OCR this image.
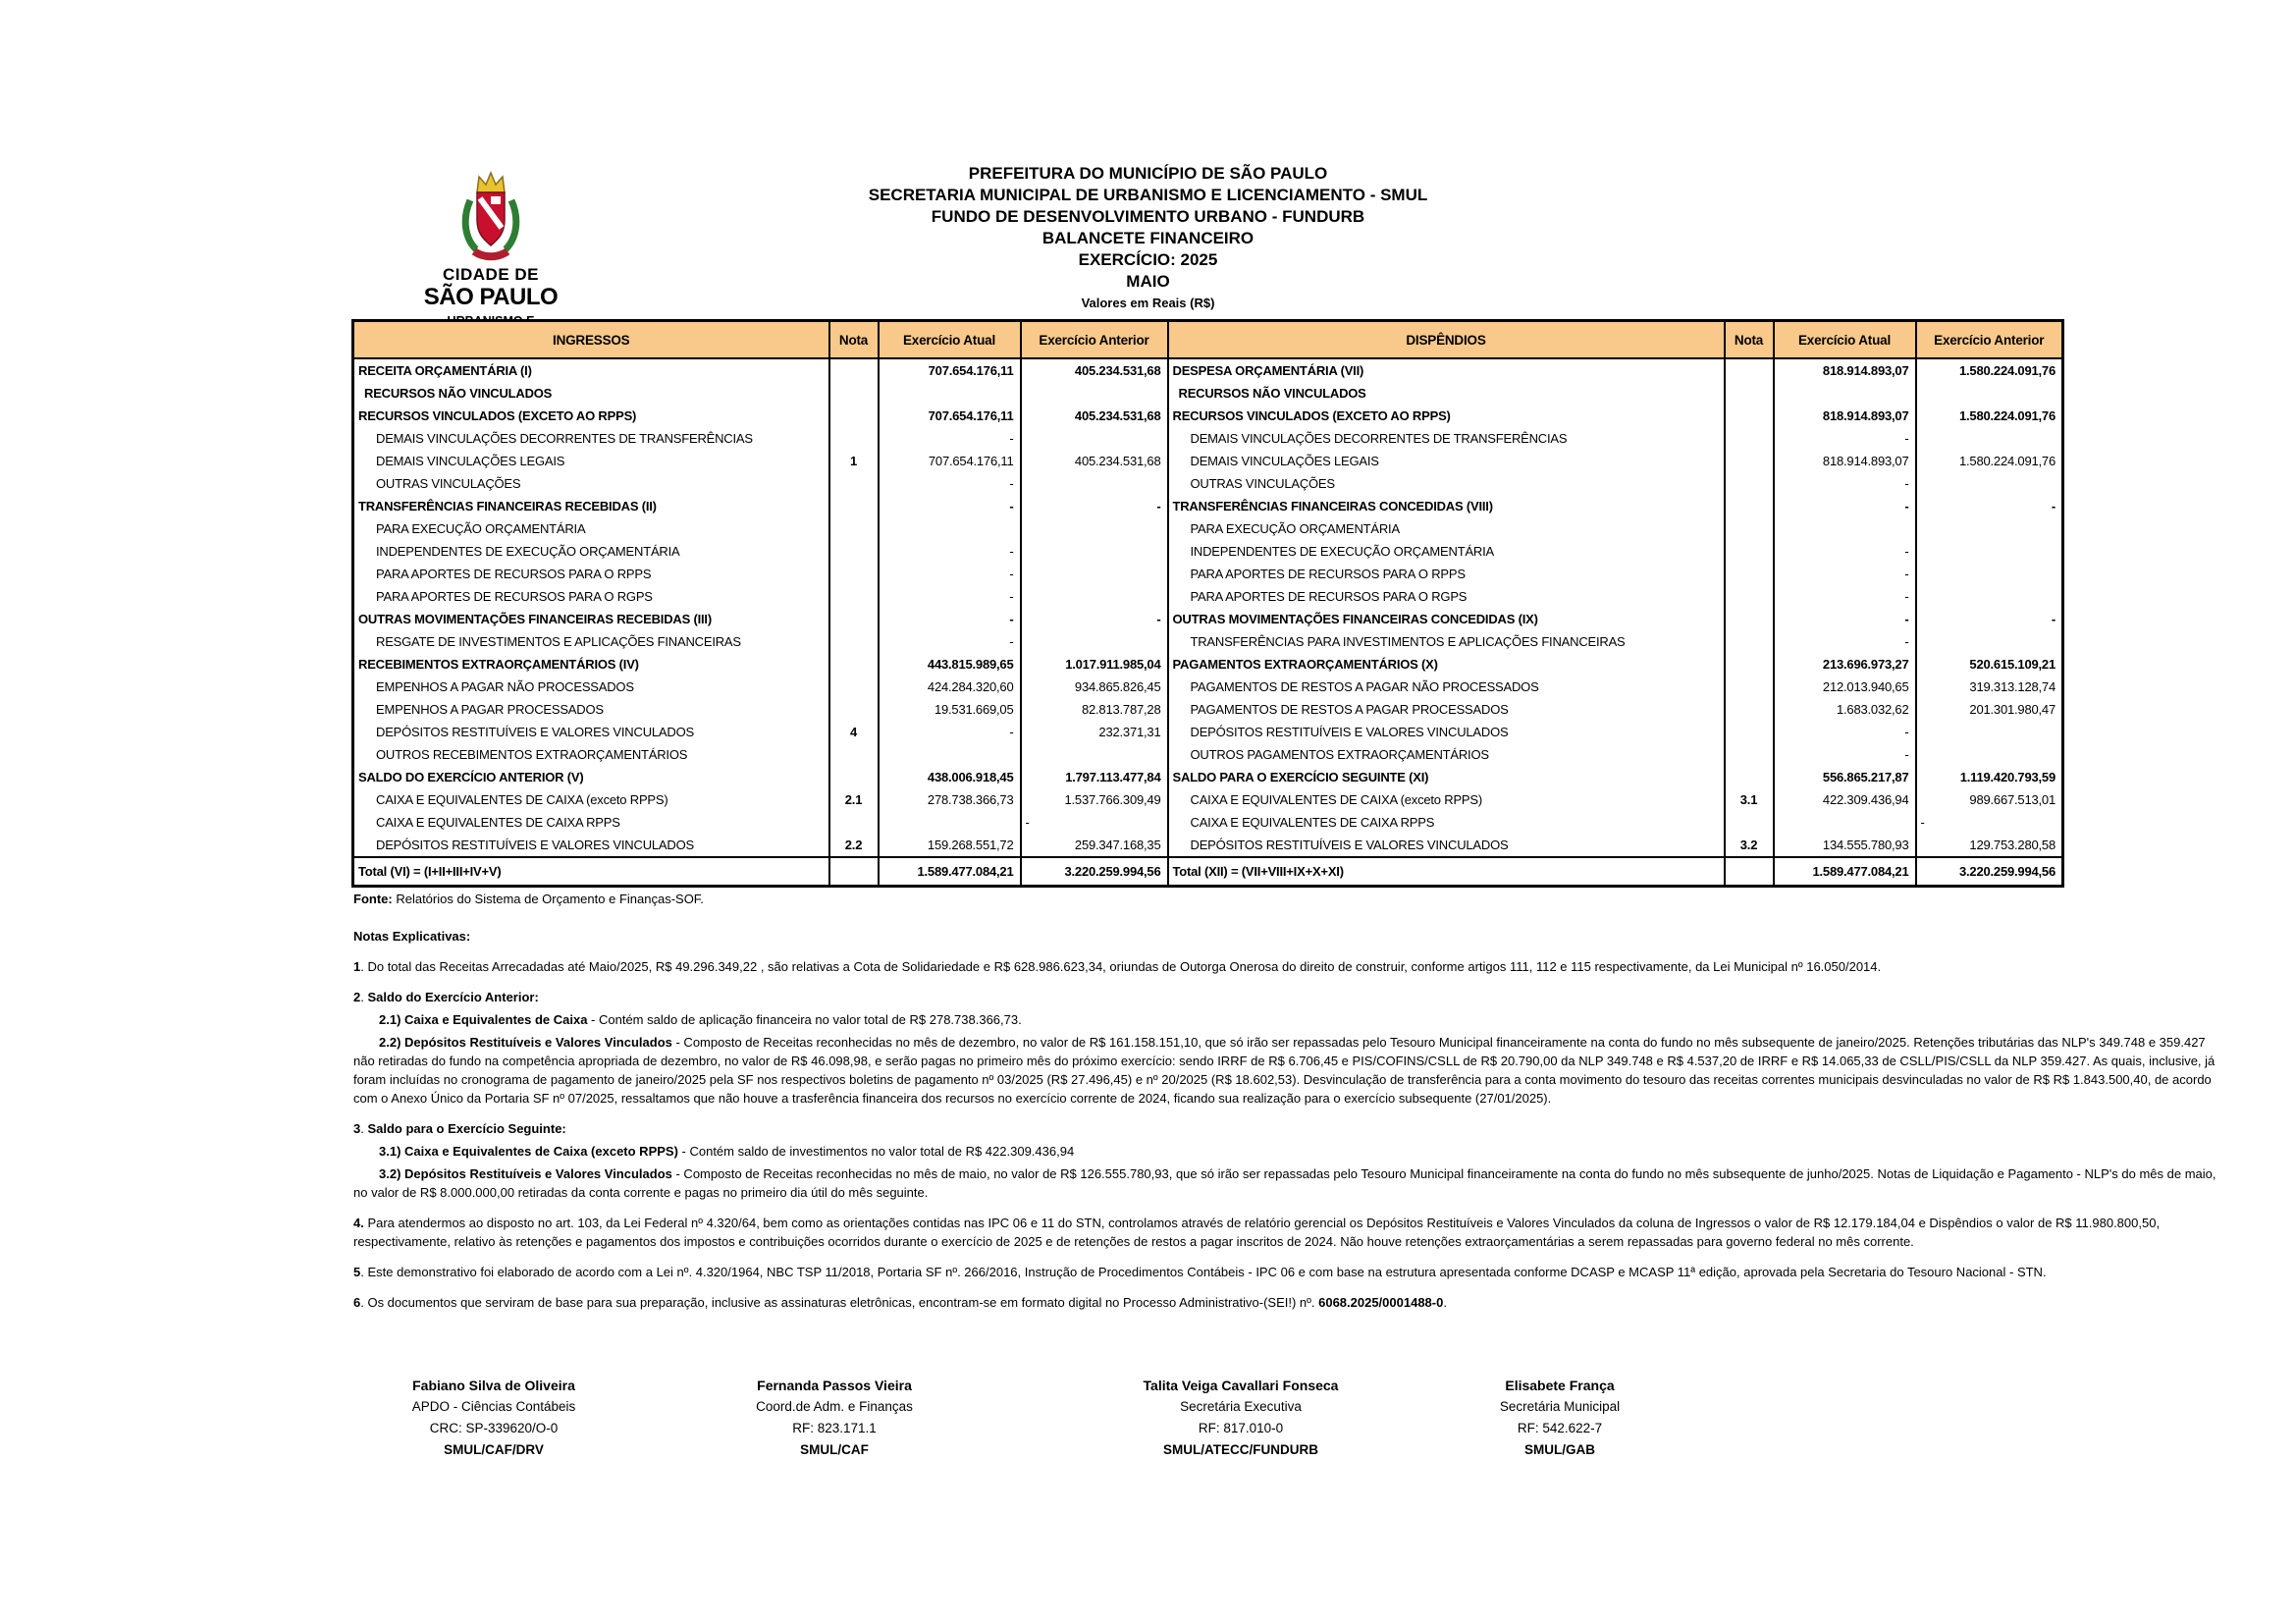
CIDADE DE
SÃO PAULO
PREFEITURA DO MUNICÍPIO DE SÃO PAULO
SECRETARIA MUNICIPAL DE URBANISMO E LICENCIAMENTO - SMUL
FUNDO DE DESENVOLVIMENTO URBANO - FUNDURB
BALANCETE FINANCEIRO
EXERCÍCIO: 2025
MAIO
Valores em Reais (R$)
INGRESSOS	Nota	Exercício Atual	Exercício Anterior	DISPÊNDIOS	Nota	Exercício Atual	Exercício Anterior
RECEITA ORÇAMENTÁRIA (I)		707.654.176,11	405.234.531,68	DESPESA ORÇAMENTÁRIA (VII)		818.914.893,07	1.580.224.091,76
RECURSOS NÃO VINCULADOS				RECURSOS NÃO VINCULADOS			
RECURSOS VINCULADOS (EXCETO AO RPPS)		707.654.176,11	405.234.531,68	RECURSOS VINCULADOS (EXCETO AO RPPS)		818.914.893,07	1.580.224.091,76
DEMAIS VINCULAÇÕES DECORRENTES DE TRANSFERÊNCIAS		-		DEMAIS VINCULAÇÕES DECORRENTES DE TRANSFERÊNCIAS		-	
DEMAIS VINCULAÇÕES LEGAIS	1	707.654.176,11	405.234.531,68	DEMAIS VINCULAÇÕES LEGAIS		818.914.893,07	1.580.224.091,76
OUTRAS VINCULAÇÕES		-		OUTRAS VINCULAÇÕES		-	
TRANSFERÊNCIAS FINANCEIRAS RECEBIDAS (II)		-	-	TRANSFERÊNCIAS FINANCEIRAS CONCEDIDAS (VIII)		-	-
PARA EXECUÇÃO ORÇAMENTÁRIA				PARA EXECUÇÃO ORÇAMENTÁRIA			
INDEPENDENTES DE EXECUÇÃO ORÇAMENTÁRIA		-		INDEPENDENTES DE EXECUÇÃO ORÇAMENTÁRIA		-	
PARA APORTES DE RECURSOS PARA O RPPS		-		PARA APORTES DE RECURSOS PARA O RPPS		-	
PARA APORTES DE RECURSOS PARA O RGPS		-		PARA APORTES DE RECURSOS PARA O RGPS		-	
OUTRAS MOVIMENTAÇÕES FINANCEIRAS RECEBIDAS (III)		-	-	OUTRAS MOVIMENTAÇÕES FINANCEIRAS CONCEDIDAS (IX)		-	-
RESGATE DE INVESTIMENTOS E APLICAÇÕES FINANCEIRAS		-		TRANSFERÊNCIAS PARA INVESTIMENTOS E APLICAÇÕES FINANCEIRAS		-	
RECEBIMENTOS EXTRAORÇAMENTÁRIOS (IV)		443.815.989,65	1.017.911.985,04	PAGAMENTOS EXTRAORÇAMENTÁRIOS (X)		213.696.973,27	520.615.109,21
EMPENHOS A PAGAR NÃO PROCESSADOS		424.284.320,60	934.865.826,45	PAGAMENTOS DE RESTOS A PAGAR NÃO PROCESSADOS		212.013.940,65	319.313.128,74
EMPENHOS A PAGAR PROCESSADOS		19.531.669,05	82.813.787,28	PAGAMENTOS DE RESTOS A PAGAR PROCESSADOS		1.683.032,62	201.301.980,47
DEPÓSITOS RESTITUÍVEIS E VALORES VINCULADOS	4	-	232.371,31	DEPÓSITOS RESTITUÍVEIS E VALORES VINCULADOS		-	
OUTROS RECEBIMENTOS EXTRAORÇAMENTÁRIOS				OUTROS PAGAMENTOS EXTRAORÇAMENTÁRIOS		-	
SALDO DO EXERCÍCIO ANTERIOR (V)		438.006.918,45	1.797.113.477,84	SALDO PARA O EXERCÍCIO SEGUINTE (XI)		556.865.217,87	1.119.420.793,59
CAIXA E EQUIVALENTES DE CAIXA (exceto RPPS)	2.1	278.738.366,73	1.537.766.309,49	CAIXA E EQUIVALENTES DE CAIXA (exceto RPPS)	3.1	422.309.436,94	989.667.513,01
CAIXA E EQUIVALENTES DE CAIXA RPPS			-	CAIXA E EQUIVALENTES DE CAIXA RPPS			-
DEPÓSITOS RESTITUÍVEIS E VALORES VINCULADOS	2.2	159.268.551,72	259.347.168,35	DEPÓSITOS RESTITUÍVEIS E VALORES VINCULADOS	3.2	134.555.780,93	129.753.280,58
Total (VI) = (I+II+III+IV+V)		1.589.477.084,21	3.220.259.994,56	Total (XII) = (VII+VIII+IX+X+XI)		1.589.477.084,21	3.220.259.994,56
Fonte: Relatórios do Sistema de Orçamento e Finanças-SOF.
Notas Explicativas:
1. Do total das Receitas Arrecadadas até Maio/2025, R$ 49.296.349,22 , são relativas a Cota de Solidariedade e R$ 628.986.623,34, oriundas de Outorga Onerosa do direito de construir, conforme artigos 111, 112 e 115 respectivamente, da Lei Municipal nº 16.050/2014.
2. Saldo do Exercício Anterior:
2.1) Caixa e Equivalentes de Caixa - Contém saldo de aplicação financeira no valor total de R$ 278.738.366,73.
2.2) Depósitos Restituíveis e Valores Vinculados - Composto de Receitas reconhecidas no mês de dezembro, no valor de R$ 161.158.151,10, que só irão ser repassadas pelo Tesouro Municipal financeiramente na conta do fundo no mês subsequente de janeiro/2025. Retenções tributárias das NLP's 349.748 e 359.427 não retiradas do fundo na competência apropriada de dezembro, no valor de R$ 46.098,98, e serão pagas no primeiro mês do próximo exercício: sendo IRRF de R$ 6.706,45 e PIS/COFINS/CSLL de R$ 20.790,00 da NLP 349.748 e R$ 4.537,20 de IRRF e R$ 14.065,33 de CSLL/PIS/CSLL da NLP 359.427. As quais, inclusive, já foram incluídas no cronograma de pagamento de janeiro/2025 pela SF nos respectivos boletins de pagamento nº 03/2025 (R$ 27.496,45) e nº 20/2025 (R$ 18.602,53). Desvinculação de transferência para a conta movimento do tesouro das receitas correntes municipais desvinculadas no valor de R$ R$ 1.843.500,40, de acordo com o Anexo Único da Portaria SF nº 07/2025, ressaltamos que não houve a trasferência financeira dos recursos no exercício corrente de 2024, ficando sua realização para o exercício subsequente (27/01/2025).
3. Saldo para o Exercício Seguinte:
3.1) Caixa e Equivalentes de Caixa (exceto RPPS) - Contém saldo de investimentos no valor total de R$ 422.309.436,94
3.2) Depósitos Restituíveis e Valores Vinculados - Composto de Receitas reconhecidas no mês de maio, no valor de R$ 126.555.780,93, que só irão ser repassadas pelo Tesouro Municipal financeiramente na conta do fundo no mês subsequente de junho/2025. Notas de Liquidação e Pagamento - NLP's do mês de maio, no valor de R$ 8.000.000,00 retiradas da conta corrente e pagas no primeiro dia útil do mês seguinte.
4. Para atendermos ao disposto no art. 103, da Lei Federal nº 4.320/64, bem como as orientações contidas nas IPC 06 e 11 do STN, controlamos através de relatório gerencial os Depósitos Restituíveis e Valores Vinculados da coluna de Ingressos o valor de R$ 12.179.184,04 e Dispêndios o valor de R$ 11.980.800,50, respectivamente, relativo às retenções e pagamentos dos impostos e contribuições ocorridos durante o exercício de 2025 e de retenções de restos a pagar inscritos de 2024. Não houve retenções extraorçamentárias a serem repassadas para governo federal no mês corrente.
5. Este demonstrativo foi elaborado de acordo com a Lei nº. 4.320/1964, NBC TSP 11/2018, Portaria SF nº. 266/2016, Instrução de Procedimentos Contábeis - IPC 06 e com base na estrutura apresentada conforme DCASP e MCASP 11ª edição, aprovada pela Secretaria do Tesouro Nacional - STN.
6. Os documentos que serviram de base para sua preparação, inclusive as assinaturas eletrônicas, encontram-se em formato digital no Processo Administrativo-(SEI!) nº. 6068.2025/0001488-0.
Fabiano Silva de Oliveira
APDO - Ciências Contábeis
CRC: SP-339620/O-0
SMUL/CAF/DRV
Fernanda Passos Vieira
Coord.de Adm. e Finanças
RF: 823.171.1
SMUL/CAF
Talita Veiga Cavallari Fonseca
Secretária Executiva
RF: 817.010-0
SMUL/ATECC/FUNDURB
Elisabete França
Secretária Municipal
RF: 542.622-7
SMUL/GAB
